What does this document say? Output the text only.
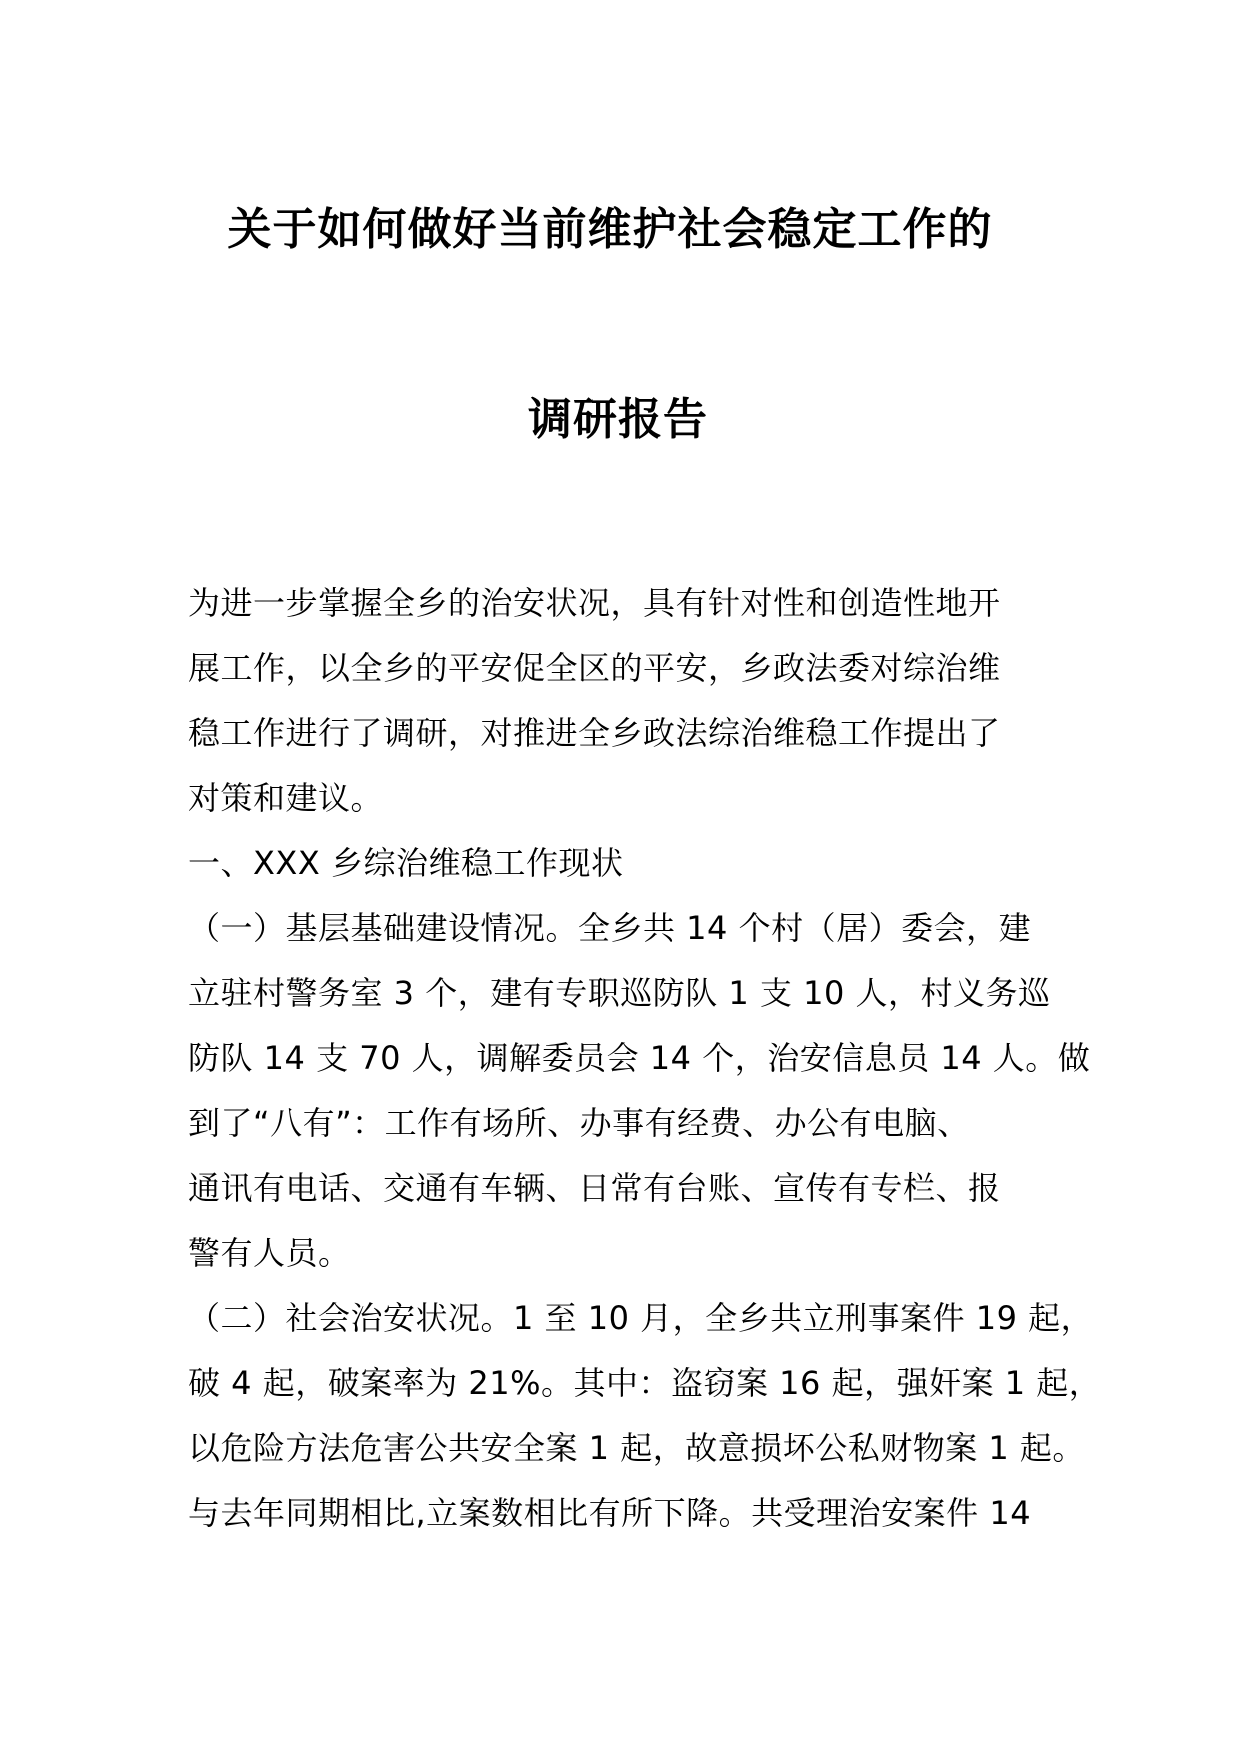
关于如何做好当前维护社会稳定工作的
调研报告
为进一步掌握全乡的治安状况，具有针对性和创造性地开
展工作，以全乡的平安促全区的平安，乡政法委对综治维
稳工作进行了调研，对推进全乡政法综治维稳工作提出了
对策和建议。
一、XXX 乡综治维稳工作现状
（一）基层基础建设情况。全乡共 14 个村（居）委会，建
立驻村警务室 3 个，建有专职巡防队 1 支 10 人，村义务巡
防队 14 支 70 人，调解委员会 14 个，治安信息员 14 人。做
到了“八有”：工作有场所、办事有经费、办公有电脑、
通讯有电话、交通有车辆、日常有台账、宣传有专栏、报
警有人员。
（二）社会治安状况。1 至 10 月，全乡共立刑事案件 19 起，
破 4 起，破案率为 21%。其中：盗窃案 16 起，强奸案 1 起，
以危险方法危害公共安全案 1 起，故意损坏公私财物案 1 起。
与去年同期相比,立案数相比有所下降。共受理治安案件 14
